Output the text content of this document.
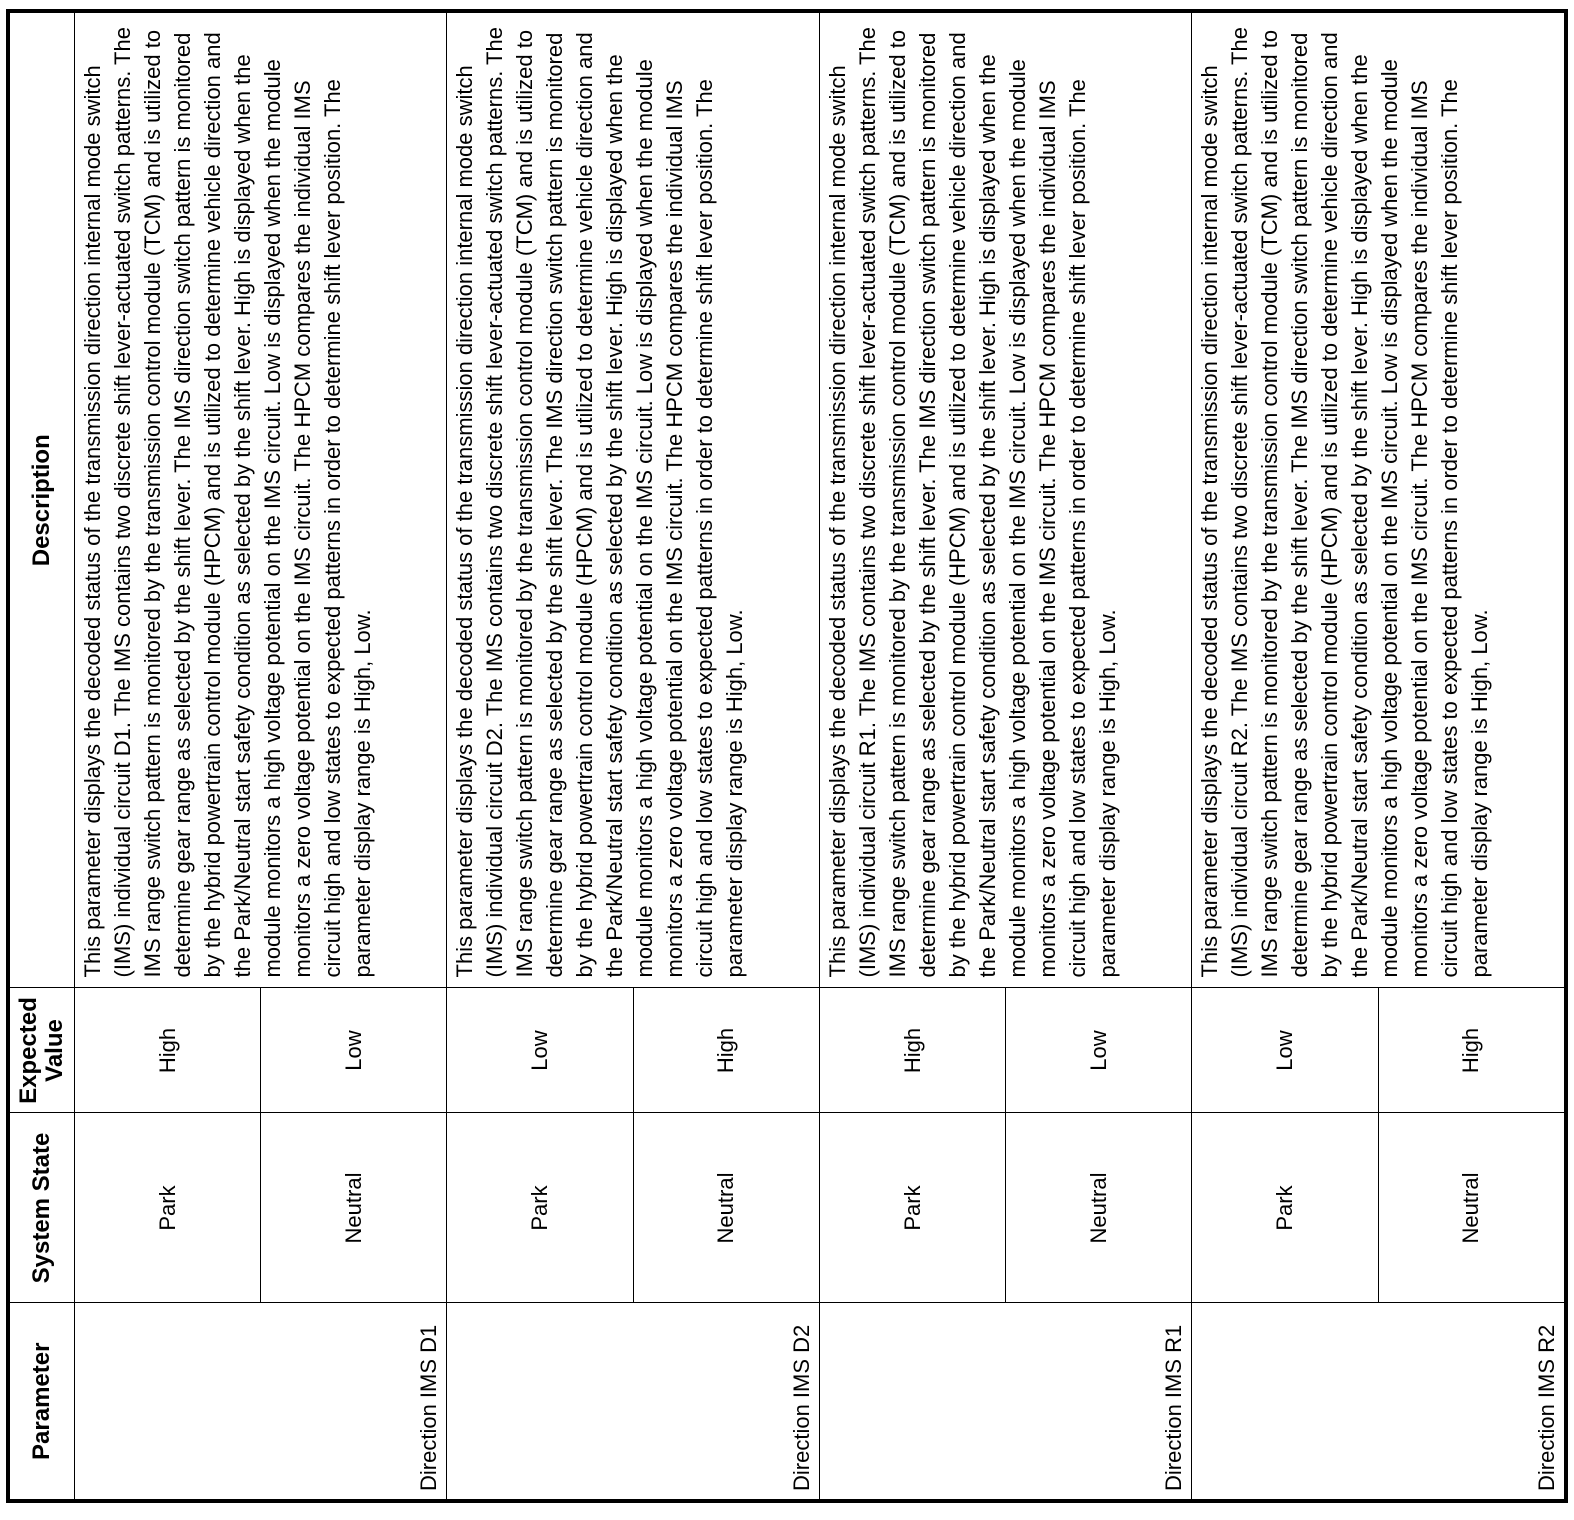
Parameter	System State	Expected Value	Description
Direction IMS D1	Park	High	This parameter displays the decoded status of the transmission direction internal mode switch (IMS) individual circuit D1. The IMS contains two discrete shift lever-actuated switch patterns. The IMS range switch pattern is monitored by the transmission control module (TCM) and is utilized to determine gear range as selected by the shift lever. The IMS direction switch pattern is monitored by the hybrid powertrain control module (HPCM) and is utilized to determine vehicle direction and the Park/Neutral start safety condition as selected by the shift lever. High is displayed when the module monitors a high voltage potential on the IMS circuit. Low is displayed when the module monitors a zero voltage potential on the IMS circuit. The HPCM compares the individual IMS circuit high and low states to expected patterns in order to determine shift lever position. The parameter display range is High, Low.
	Neutral	Low	
Direction IMS D2	Park	Low	This parameter displays the decoded status of the transmission direction internal mode switch (IMS) individual circuit D2. The IMS contains two discrete shift lever-actuated switch patterns. The IMS range switch pattern is monitored by the transmission control module (TCM) and is utilized to determine gear range as selected by the shift lever. The IMS direction switch pattern is monitored by the hybrid powertrain control module (HPCM) and is utilized to determine vehicle direction and the Park/Neutral start safety condition as selected by the shift lever. High is displayed when the module monitors a high voltage potential on the IMS circuit. Low is displayed when the module monitors a zero voltage potential on the IMS circuit. The HPCM compares the individual IMS circuit high and low states to expected patterns in order to determine shift lever position. The parameter display range is High, Low.
	Neutral	High	
Direction IMS R1	Park	High	This parameter displays the decoded status of the transmission direction internal mode switch (IMS) individual circuit R1. The IMS contains two discrete shift lever-actuated switch patterns. The IMS range switch pattern is monitored by the transmission control module (TCM) and is utilized to determine gear range as selected by the shift lever. The IMS direction switch pattern is monitored by the hybrid powertrain control module (HPCM) and is utilized to determine vehicle direction and the Park/Neutral start safety condition as selected by the shift lever. High is displayed when the module monitors a high voltage potential on the IMS circuit. Low is displayed when the module monitors a zero voltage potential on the IMS circuit. The HPCM compares the individual IMS circuit high and low states to expected patterns in order to determine shift lever position. The parameter display range is High, Low.
	Neutral	Low	
Direction IMS R2	Park	Low	This parameter displays the decoded status of the transmission direction internal mode switch (IMS) individual circuit R2. The IMS contains two discrete shift lever-actuated switch patterns. The IMS range switch pattern is monitored by the transmission control module (TCM) and is utilized to determine gear range as selected by the shift lever. The IMS direction switch pattern is monitored by the hybrid powertrain control module (HPCM) and is utilized to determine vehicle direction and the Park/Neutral start safety condition as selected by the shift lever. High is displayed when the module monitors a high voltage potential on the IMS circuit. Low is displayed when the module monitors a zero voltage potential on the IMS circuit. The HPCM compares the individual IMS circuit high and low states to expected patterns in order to determine shift lever position. The parameter display range is High, Low.
	Neutral	High	
